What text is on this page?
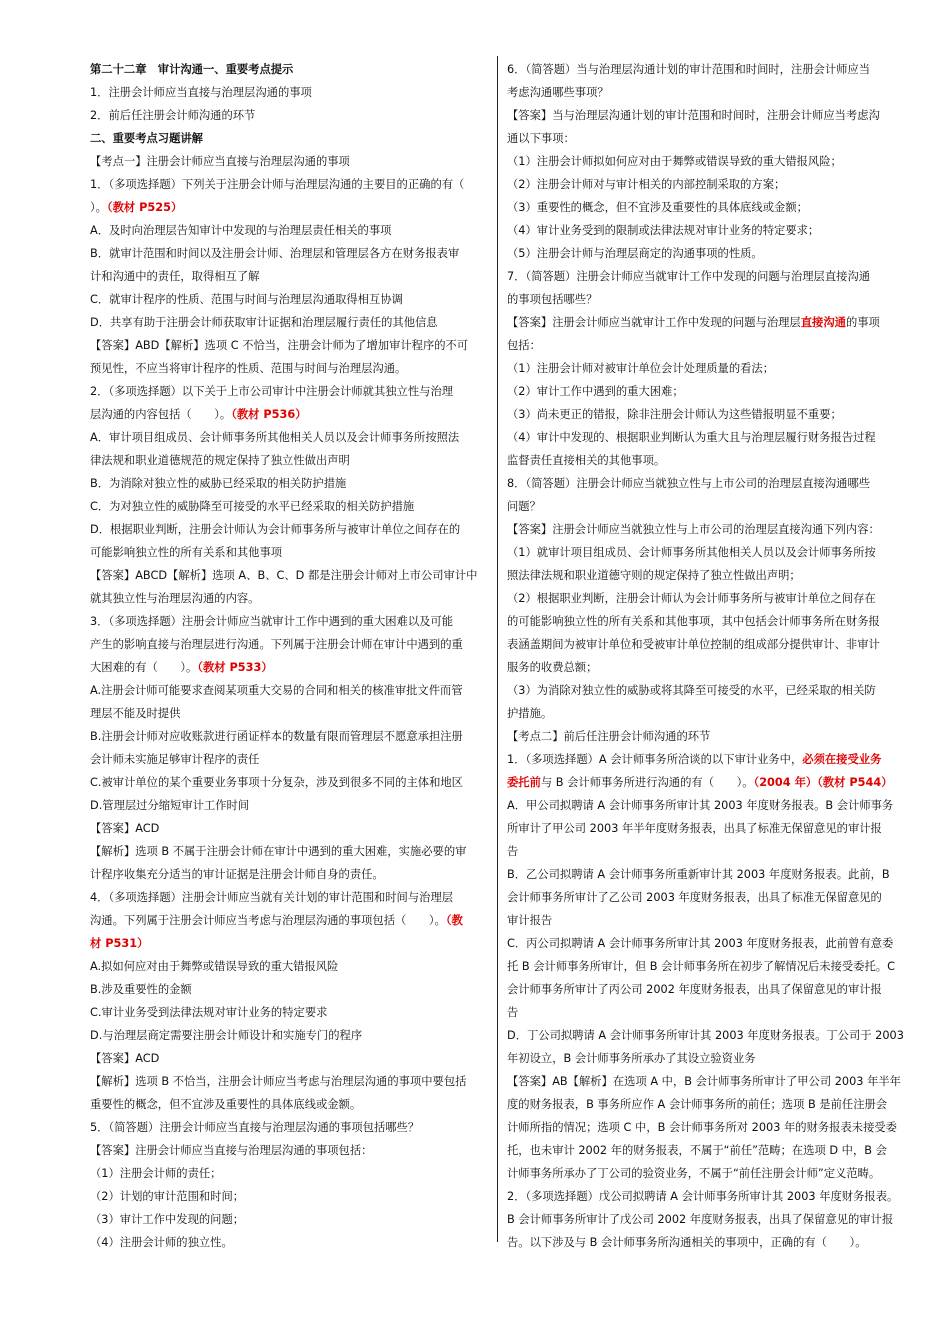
第二十二章　审计沟通一、重要考点提示
1．注册会计师应当直接与治理层沟通的事项
2．前后任注册会计师沟通的环节
二、重要考点习题讲解
【考点一】注册会计师应当直接与治理层沟通的事项
1．（多项选择题）下列关于注册会计师与治理层沟通的主要目的正确的有（
）。（教材 P525）
A．及时向治理层告知审计中发现的与治理层责任相关的事项
B．就审计范围和时间以及注册会计师、治理层和管理层各方在财务报表审
计和沟通中的责任，取得相互了解
C．就审计程序的性质、范围与时间与治理层沟通取得相互协调
D．共享有助于注册会计师获取审计证据和治理层履行责任的其他信息
【答案】ABD【解析】选项 C 不恰当，注册会计师为了增加审计程序的不可
预见性，不应当将审计程序的性质、范围与时间与治理层沟通。
2．（多项选择题）以下关于上市公司审计中注册会计师就其独立性与治理
层沟通的内容包括（　　）。（教材 P536）
A．审计项目组成员、会计师事务所其他相关人员以及会计师事务所按照法
律法规和职业道德规范的规定保持了独立性做出声明
B．为消除对独立性的威胁已经采取的相关防护措施
C．为对独立性的威胁降至可接受的水平已经采取的相关防护措施
D．根据职业判断，注册会计师认为会计师事务所与被审计单位之间存在的
可能影响独立性的所有关系和其他事项
【答案】ABCD【解析】选项 A、B、C、D 都是注册会计师对上市公司审计中
就其独立性与治理层沟通的内容。
3．（多项选择题）注册会计师应当就审计工作中遇到的重大困难以及可能
产生的影响直接与治理层进行沟通。下列属于注册会计师在审计中遇到的重
大困难的有（　　）。（教材 P533）
A.注册会计师可能要求查阅某项重大交易的合同和相关的核准审批文件而管
理层不能及时提供
B.注册会计师对应收账款进行函证样本的数量有限而管理层不愿意承担注册
会计师未实施足够审计程序的责任
C.被审计单位的某个重要业务事项十分复杂，涉及到很多不同的主体和地区
D.管理层过分缩短审计工作时间
【答案】ACD
【解析】选项 B 不属于注册会计师在审计中遇到的重大困难，实施必要的审
计程序收集充分适当的审计证据是注册会计师自身的责任。
4．（多项选择题）注册会计师应当就有关计划的审计范围和时间与治理层
沟通。下列属于注册会计师应当考虑与治理层沟通的事项包括（　　）。（教
材 P531）
A.拟如何应对由于舞弊或错误导致的重大错报风险
B.涉及重要性的金额
C.审计业务受到法律法规对审计业务的特定要求
D.与治理层商定需要注册会计师设计和实施专门的程序
【答案】ACD
【解析】选项 B 不恰当，注册会计师应当考虑与治理层沟通的事项中要包括
重要性的概念，但不宜涉及重要性的具体底线或金额。
5．（简答题）注册会计师应当直接与治理层沟通的事项包括哪些？
【答案】注册会计师应当直接与治理层沟通的事项包括：
（1）注册会计师的责任；
（2）计划的审计范围和时间；
（3）审计工作中发现的问题；
（4）注册会计师的独立性。
6．（简答题）当与治理层沟通计划的审计范围和时间时，注册会计师应当
考虑沟通哪些事项？
【答案】当与治理层沟通计划的审计范围和时间时，注册会计师应当考虑沟
通以下事项：
（1）注册会计师拟如何应对由于舞弊或错误导致的重大错报风险；
（2）注册会计师对与审计相关的内部控制采取的方案；
（3）重要性的概念，但不宜涉及重要性的具体底线或金额；
（4）审计业务受到的限制或法律法规对审计业务的特定要求；
（5）注册会计师与治理层商定的沟通事项的性质。
7．（简答题）注册会计师应当就审计工作中发现的问题与治理层直接沟通
的事项包括哪些？
【答案】注册会计师应当就审计工作中发现的问题与治理层直接沟通的事项
包括：
（1）注册会计师对被审计单位会计处理质量的看法；
（2）审计工作中遇到的重大困难；
（3）尚未更正的错报，除非注册会计师认为这些错报明显不重要；
（4）审计中发现的、根据职业判断认为重大且与治理层履行财务报告过程
监督责任直接相关的其他事项。
8．（简答题）注册会计师应当就独立性与上市公司的治理层直接沟通哪些
问题？
【答案】注册会计师应当就独立性与上市公司的治理层直接沟通下列内容：
（1）就审计项目组成员、会计师事务所其他相关人员以及会计师事务所按
照法律法规和职业道德守则的规定保持了独立性做出声明；
（2）根据职业判断，注册会计师认为会计师事务所与被审计单位之间存在
的可能影响独立性的所有关系和其他事项，其中包括会计师事务所在财务报
表涵盖期间为被审计单位和受被审计单位控制的组成部分提供审计、非审计
服务的收费总额；
（3）为消除对独立性的威胁或将其降至可接受的水平，已经采取的相关防
护措施。
【考点二】前后任注册会计师沟通的环节
1．（多项选择题）A 会计师事务所洽谈的以下审计业务中，必须在接受业务
委托前与 B 会计师事务所进行沟通的有（　　）。（2004 年）（教材 P544）
A．甲公司拟聘请 A 会计师事务所审计其 2003 年度财务报表。B 会计师事务
所审计了甲公司 2003 年半年度财务报表，出具了标准无保留意见的审计报
告
B．乙公司拟聘请 A 会计师事务所重新审计其 2003 年度财务报表。此前，B
会计师事务所审计了乙公司 2003 年度财务报表，出具了标准无保留意见的
审计报告
C．丙公司拟聘请 A 会计师事务所审计其 2003 年度财务报表，此前曾有意委
托 B 会计师事务所审计，但 B 会计师事务所在初步了解情况后未接受委托。C
会计师事务所审计了丙公司 2002 年度财务报表，出具了保留意见的审计报
告
D．丁公司拟聘请 A 会计师事务所审计其 2003 年度财务报表。丁公司于 2003
年初设立，B 会计师事务所承办了其设立验资业务
【答案】AB【解析】在选项 A 中，B 会计师事务所审计了甲公司 2003 年半年
度的财务报表，B 事务所应作 A 会计师事务所的前任；选项 B 是前任注册会
计师所指的情况；选项 C 中，B 会计师事务所对 2003 年的财务报表未接受委
托，也未审计 2002 年的财务报表，不属于“前任”范畴；在选项 D 中，B 会
计师事务所承办了丁公司的验资业务，不属于“前任注册会计师”定义范畴。
2．（多项选择题）戊公司拟聘请 A 会计师事务所审计其 2003 年度财务报表。
B 会计师事务所审计了戊公司 2002 年度财务报表，出具了保留意见的审计报
告。以下涉及与 B 会计师事务所沟通相关的事项中，正确的有（　　）。
